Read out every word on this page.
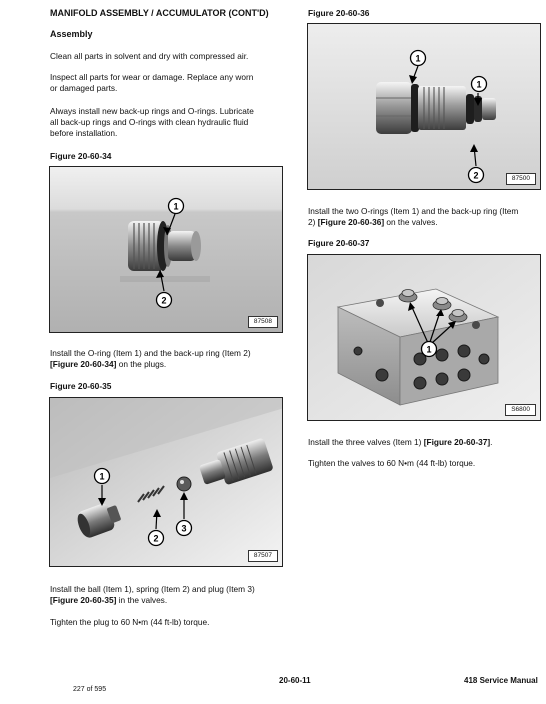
MANIFOLD ASSEMBLY / ACCUMULATOR (CONT'D)
Assembly
Clean all parts in solvent and dry with compressed air.
Inspect all parts for wear or damage. Replace any worn
or damaged parts.
Always install new back-up rings and O-rings. Lubricate
all back-up rings and O-rings with clean hydraulic fluid
before installation.
Figure 20-60-34
1
2
87508
Install the O-ring (Item 1) and the back-up ring (Item 2)
[Figure 20-60-34] on the plugs.
Figure 20-60-35
1
2
3
87507
Install the ball (Item 1), spring (Item 2) and plug (Item 3)
[Figure 20-60-35] in the valves.
Tighten the plug to 60 N•m (44 ft-lb) torque.
Figure 20-60-36
1
1
2	87500
Install the two O-rings (Item 1) and the back-up ring (Item
2) [Figure 20-60-36] on the valves.
Figure 20-60-37
1
S6800
Install the three valves (Item 1) [Figure 20-60-37].
Tighten the valves to 60 N•m (44 ft-lb) torque.
20-60-11	418 Service Manual
227 of 595
